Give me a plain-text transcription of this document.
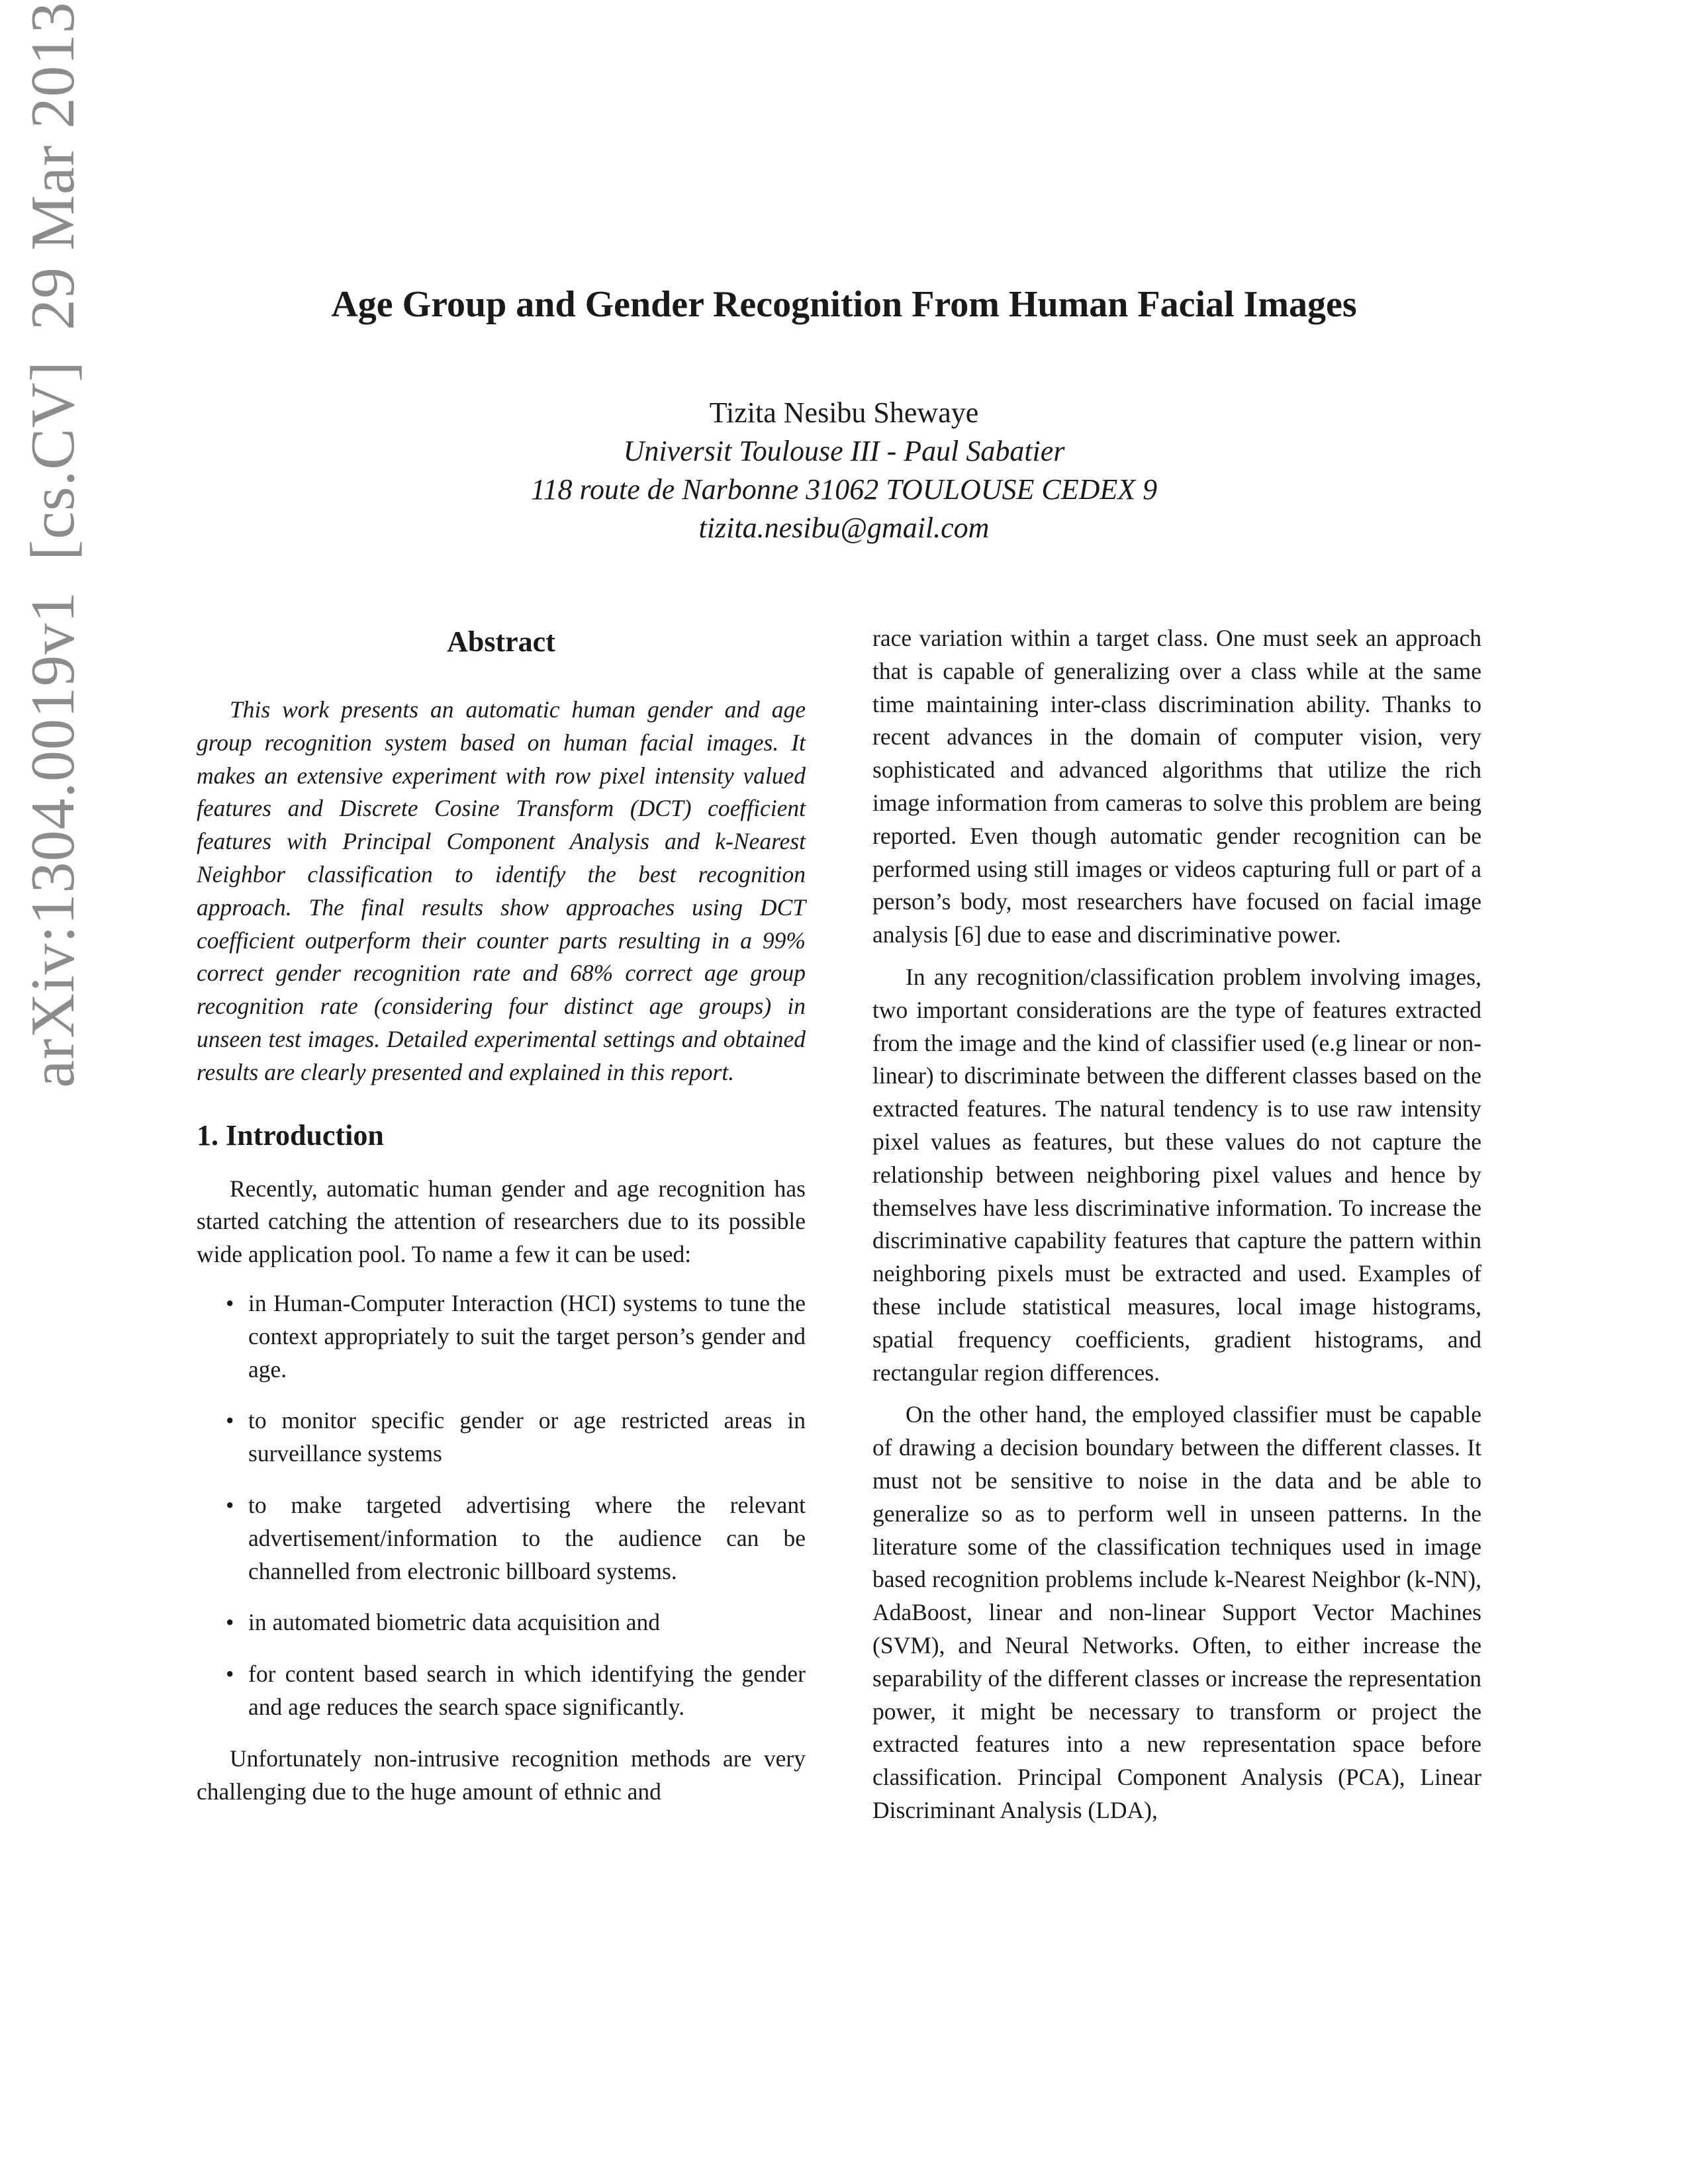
arXiv:1304.0019v1[cs.CV]29 Mar 2013	Age Group and Gender Recognition From Human Facial Images
Tizita Nesibu Shewaye
Universit Toulouse III - Paul Sabatier
118 route de Narbonne 31062 TOULOUSE CEDEX 9
tizita.nesibu@gmail.com
Abstract

This work presents an automatic human gender and age group recognition system based on human facial images. It makes an extensive experiment with row pixel intensity valued features and Discrete Cosine Transform (DCT) coefficient features with Principal Component Analysis and k-Nearest Neighbor classification to identify the best recognition approach. The final results show approaches using DCT coefficient outperform their counter parts resulting in a 99% correct gender recognition rate and 68% correct age group recognition rate (considering four distinct age groups) in unseen test images. Detailed experimental settings and obtained results are clearly presented and explained in this report.

1. Introduction

Recently, automatic human gender and age recognition has started catching the attention of researchers due to its possible wide application pool. To name a few it can be used:

• in Human-Computer Interaction (HCI) systems to tune the context appropriately to suit the target person’s gender and age.
• to monitor specific gender or age restricted areas in surveillance systems
• to make targeted advertising where the relevant advertisement/information to the audience can be channelled from electronic billboard systems.
• in automated biometric data acquisition and
• for content based search in which identifying the gender and age reduces the search space significantly.

Unfortunately non-intrusive recognition methods are very challenging due to the huge amount of ethnic and

race variation within a target class. One must seek an approach that is capable of generalizing over a class while at the same time maintaining inter-class discrimination ability. Thanks to recent advances in the domain of computer vision, very sophisticated and advanced algorithms that utilize the rich image information from cameras to solve this problem are being reported. Even though automatic gender recognition can be performed using still images or videos capturing full or part of a person’s body, most researchers have focused on facial image analysis [6] due to ease and discriminative power.

In any recognition/classification problem involving images, two important considerations are the type of features extracted from the image and the kind of classifier used (e.g linear or non-linear) to discriminate between the different classes based on the extracted features. The natural tendency is to use raw intensity pixel values as features, but these values do not capture the relationship between neighboring pixel values and hence by themselves have less discriminative information. To increase the discriminative capability features that capture the pattern within neighboring pixels must be extracted and used. Examples of these include statistical measures, local image histograms, spatial frequency coefficients, gradient histograms, and rectangular region differences.

On the other hand, the employed classifier must be capable of drawing a decision boundary between the different classes. It must not be sensitive to noise in the data and be able to generalize so as to perform well in unseen patterns. In the literature some of the classification techniques used in image based recognition problems include k-Nearest Neighbor (k-NN), AdaBoost, linear and non-linear Support Vector Machines (SVM), and Neural Networks. Often, to either increase the separability of the different classes or increase the representation power, it might be necessary to transform or project the extracted features into a new representation space before classification. Principal Component Analysis (PCA), Linear Discriminant Analysis (LDA),
